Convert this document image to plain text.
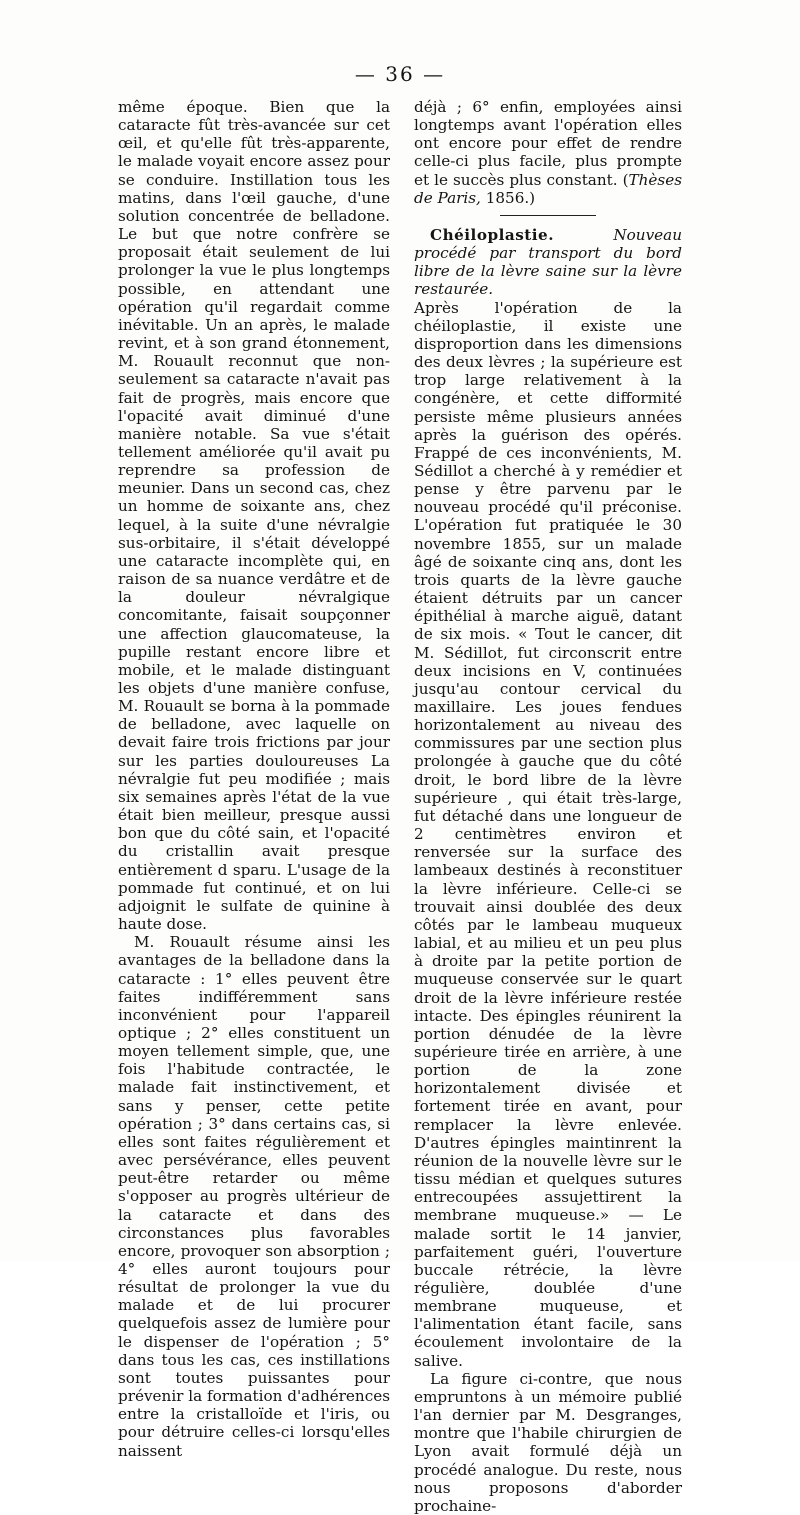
— 36 —

même époque. Bien que la cataracte fût très-avancée sur cet œil, et qu'elle fût très-apparente, le malade voyait encore assez pour se conduire. Instillation tous les matins, dans l'œil gauche, d'une solution concentrée de belladone. Le but que notre confrère se proposait était seulement de lui prolonger la vue le plus longtemps possible, en attendant une opération qu'il regardait comme inévitable. Un an après, le malade revint, et à son grand étonnement, M. Rouault reconnut que non-seulement sa cataracte n'avait pas fait de progrès, mais encore que l'opacité avait diminué d'une manière notable. Sa vue s'était tellement améliorée qu'il avait pu reprendre sa profession de meunier. Dans un second cas, chez un homme de soixante ans, chez lequel, à la suite d'une névralgie sus-orbitaire, il s'était développé une cataracte incomplète qui, en raison de sa nuance verdâtre et de la douleur névralgique concomitante, faisait soupçonner une affection glaucomateuse, la pupille restant encore libre et mobile, et le malade distinguant les objets d'une manière confuse, M. Rouault se borna à la pommade de belladone, avec laquelle on devait faire trois frictions par jour sur les parties douloureuses La névralgie fut peu modifiée ; mais six semaines après l'état de la vue était bien meilleur, presque aussi bon que du côté sain, et l'opacité du cristallin avait presque entièrement d sparu. L'usage de la pommade fut continué, et on lui adjoignit le sulfate de quinine à haute dose.

M. Rouault résume ainsi les avantages de la belladone dans la cataracte : 1° elles peuvent être faites indifféremment sans inconvénient pour l'appareil optique ; 2° elles constituent un moyen tellement simple, que, une fois l'habitude contractée, le malade fait instinctivement, et sans y penser, cette petite opération ; 3° dans certains cas, si elles sont faites régulièrement et avec persévérance, elles peuvent peut-être retarder ou même s'opposer au progrès ultérieur de la cataracte et dans des circonstances plus favorables encore, provoquer son absorption ; 4° elles auront toujours pour résultat de prolonger la vue du malade et de lui procurer quelquefois assez de lumière pour le dispenser de l'opération ; 5° dans tous les cas, ces instillations sont toutes puissantes pour prévenir la formation d'adhérences entre la cristalloïde et l'iris, ou pour détruire celles-ci lorsqu'elles naissent

déjà ; 6° enfin, employées ainsi longtemps avant l'opération elles ont encore pour effet de rendre celle-ci plus facile, plus prompte et le succès plus constant. (Thèses de Paris, 1856.)

Chéiloplastie.	Nouveau procédé par transport du bord libre de la lèvre saine sur la lèvre restaurée.

Après l'opération de la chéiloplastie, il existe une disproportion dans les dimensions des deux lèvres ; la supérieure est trop large relativement à la congénère, et cette difformité persiste même plusieurs années après la guérison des opérés. Frappé de ces inconvénients, M. Sédillot a cherché à y remédier et pense y être parvenu par le nouveau procédé qu'il préconise. L'opération fut pratiquée le 30 novembre 1855, sur un malade âgé de soixante cinq ans, dont les trois quarts de la lèvre gauche étaient détruits par un cancer épithélial à marche aiguë, datant de six mois. « Tout le cancer, dit M. Sédillot, fut circonscrit entre deux incisions en V, continuées jusqu'au contour cervical du maxillaire. Les joues fendues horizontalement au niveau des commissures par une section plus prolongée à gauche que du côté droit, le bord libre de la lèvre supérieure , qui était très-large, fut détaché dans une longueur de 2 centimètres environ et renversée sur la surface des lambeaux destinés à reconstituer la lèvre inférieure. Celle-ci se trouvait ainsi doublée des deux côtés par le lambeau muqueux labial, et au milieu et un peu plus à droite par la petite portion de muqueuse conservée sur le quart droit de la lèvre inférieure restée intacte. Des épingles réunirent la portion dénudée de la lèvre supérieure tirée en arrière, à une portion de la zone horizontalement divisée et fortement tirée en avant, pour remplacer la lèvre enlevée. D'autres épingles maintinrent la réunion de la nouvelle lèvre sur le tissu médian et quelques sutures entrecoupées assujettirent la membrane muqueuse.» — Le malade sortit le 14 janvier, parfaitement guéri, l'ouverture buccale rétrécie, la lèvre régulière, doublée d'une membrane muqueuse, et l'alimentation étant facile, sans écoulement involontaire de la salive.

La figure ci-contre, que nous empruntons à un mémoire publié l'an dernier par M. Desgranges, montre que l'habile chirurgien de Lyon avait formulé déjà un procédé analogue. Du reste, nous nous proposons d'aborder prochaine-
